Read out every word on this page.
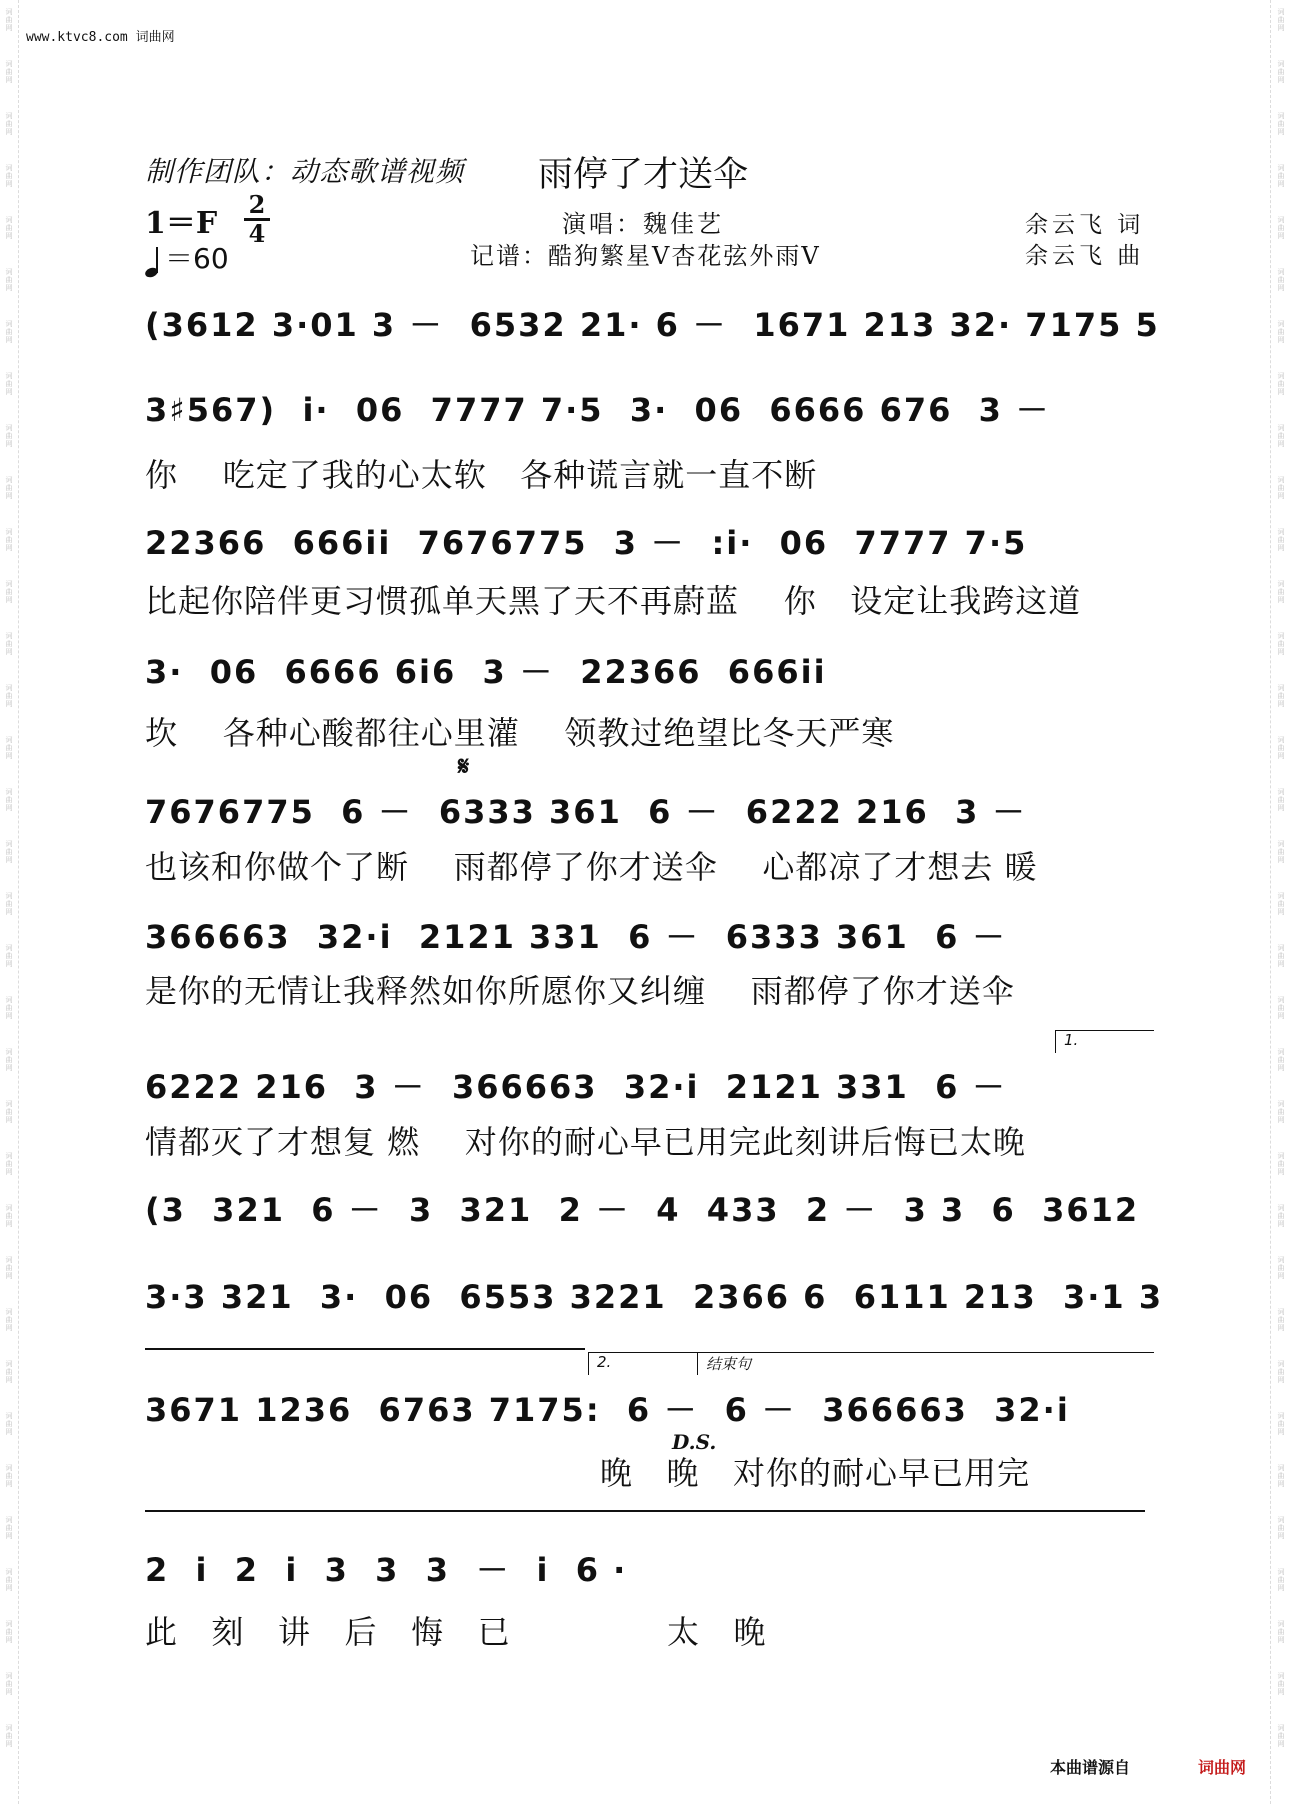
词
曲
网
词
曲
网
词
曲
网
词
曲
网
词
曲
网
词
曲
网
词
曲
网
词
曲
网
词
曲
网
词
曲
网
词
曲
网
词
曲
网
词
曲
网
词
曲
网
词
曲
网
词
曲
网
词
曲
网
词
曲
网
词
曲
网
词
曲
网
词
曲
网
词
曲
网
词
曲
网
词
曲
网
词
曲
网
词
曲
网
词
曲
网
词
曲
网
词
曲
网
词
曲
网
词
曲
网
词
曲
网
词
曲
网
词
曲
网
词
曲
网
词
曲
网
词
曲
网
词
曲
网
词
曲
网
词
曲
网
词
曲
网
词
曲
网
词
曲
网
词
曲
网
词
曲
网
词
曲
网
词
曲
网
词
曲
网
词
曲
网
词
曲
网
词
曲
网
词
曲
网
词
曲
网
词
曲
网
词
曲
网
词
曲
网
词
曲
网
词
曲
网
词
曲
网
词
曲
网
词
曲
网
词
曲
网
词
曲
网
词
曲
网
词
曲
网
词
曲
网
词
曲
网
词
曲
网
www.ktvc8.com 词曲网
制作团队：动态歌谱视频 雨停了才送伞
1＝F
2
4
＝60
演唱：魏佳艺
记谱：酷狗繁星V杏花弦外雨V
余云飞 词
余云飞 曲
(3612 3·01 3 －  6532 21· 6 －  1671 213 32· 7175 5
3♯567)  i·  06  7777 7·5  3·  06  6666 676  3 －
你    吃定了我的心太软   各种谎言就一直不断
22366  666ii  7676775  3 －  :i·  06  7777 7·5
比起你陪伴更习惯孤单天黑了天不再蔚蓝    你   设定让我跨这道
3·  06  6666 6i6  3 －  22366  666ii
坎    各种心酸都往心里灌    领教过绝望比冬天严寒
𝄋
7676775  6 －  6333 361  6 －  6222 216  3 －
也该和你做个了断    雨都停了你才送伞    心都凉了才想去 暖
366663  32·i  2121 331  6 －  6333 361  6 －
是你的无情让我释然如你所愿你又纠缠    雨都停了你才送伞
1.
6222 216  3 －  366663  32·i  2121 331  6 －
情都灭了才想复 燃    对你的耐心早已用完此刻讲后悔已太晚
(3  321  6 －  3  321  2 －  4  433  2 －  3 3  6  3612
3·3 321  3·  06  6553 3221  2366 6  6111 213  3·1 3
2.	结束句
3671 1236  6763 7175:  6 －  6 －  366663  32·i
晚   晚   对你的耐心早已用完
D.S.
2  i  2  i  3  3  3  －  i  6 ·
此   刻   讲   后   悔   已              太   晚
本曲谱源自	词曲网
